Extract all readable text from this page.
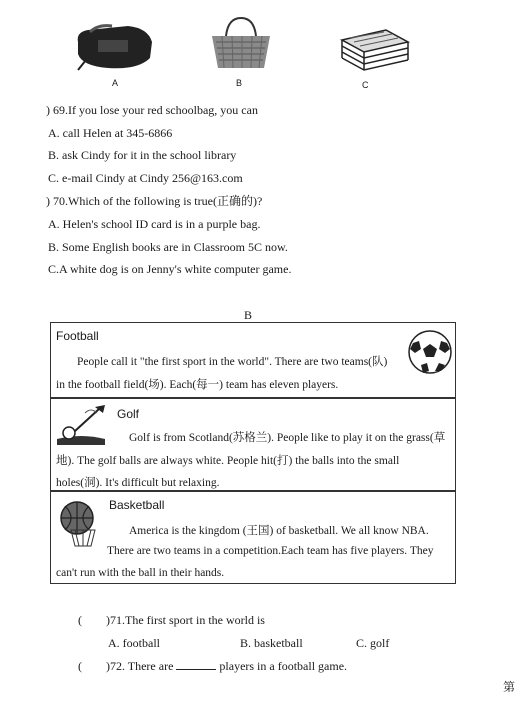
A	B	C
) 69.If you lose your red schoolbag, you can
A. call Helen at 345-6866
B. ask Cindy for it in the school library
C. e-mail Cindy at Cindy 256@163.com
) 70.Which of the following is true(正确的)?
A. Helen's school ID card is in a purple bag.
B. Some English books are in Classroom 5C now.
C.A white dog is on Jenny's white computer game.
B
Football
People call it "the first sport in the world". There are two teams(队)
in the football field(场). Each(每一) team has eleven players.
Golf
Golf is from Scotland(苏格兰). People like to play it on the grass(草
地). The golf balls are always white. People hit(打) the balls into the small
holes(洞). It's difficult but relaxing.
Basketball
America is the kingdom (王国) of basketball. We all know NBA.
There are two teams in a competition.Each team has five players. They
can't run with the ball in their hands.
( )71.The first sport in the world is
A. football	B. basketball	C. golf
( )72. There are	players in a football game.
第
